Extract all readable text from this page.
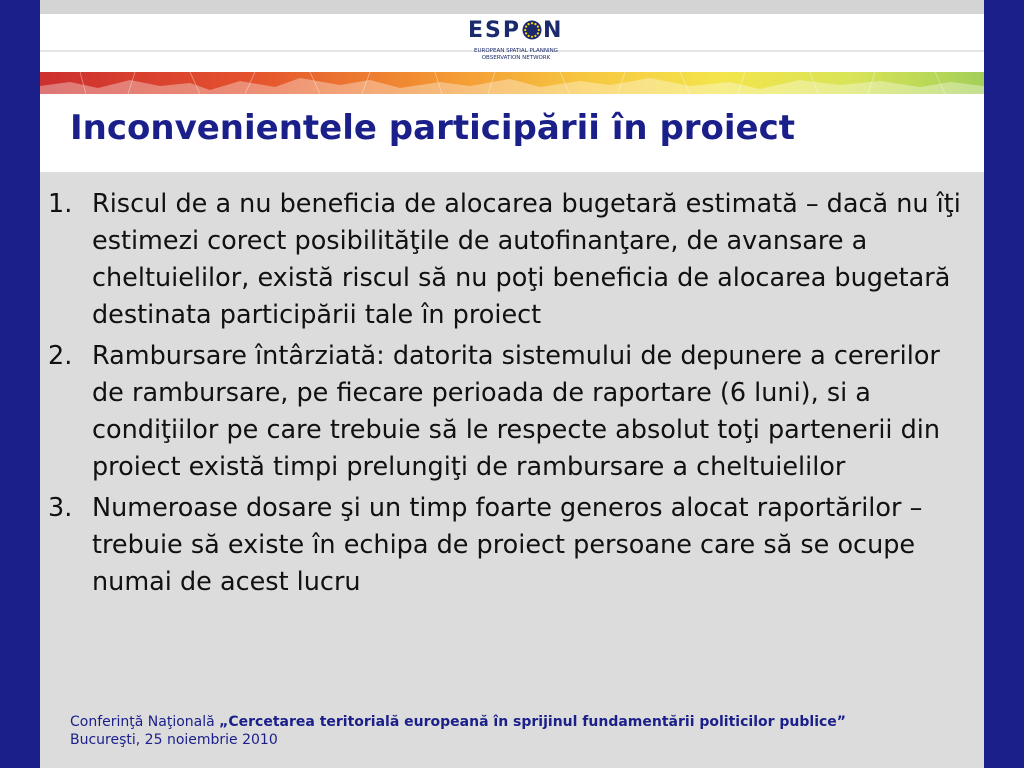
ESP N
EUROPEAN SPATIAL PLANNING
OBSERVATION NETWORK
Inconvenientele participării în proiect
1. Riscul de a nu beneficia de alocarea bugetară estimată – dacă nu îţi estimezi corect posibilităţile de autofinanţare, de avansare a cheltuielilor, există riscul să nu poţi beneficia de alocarea bugetară destinata participării tale în proiect
2. Rambursare întârziată: datorita sistemului de depunere a cererilor de rambursare, pe fiecare perioada de raportare (6 luni), si a condiţiilor pe care trebuie să le respecte absolut toţi partenerii din proiect există timpi prelungiţi de rambursare a cheltuielilor
3. Numeroase dosare şi un timp foarte generos alocat raportărilor – trebuie să existe în echipa de proiect persoane care să se ocupe numai de acest lucru
Conferinţă Naţională „Cercetarea teritorială europeană în sprijinul fundamentării politicilor publice”
Bucureşti, 25 noiembrie 2010
